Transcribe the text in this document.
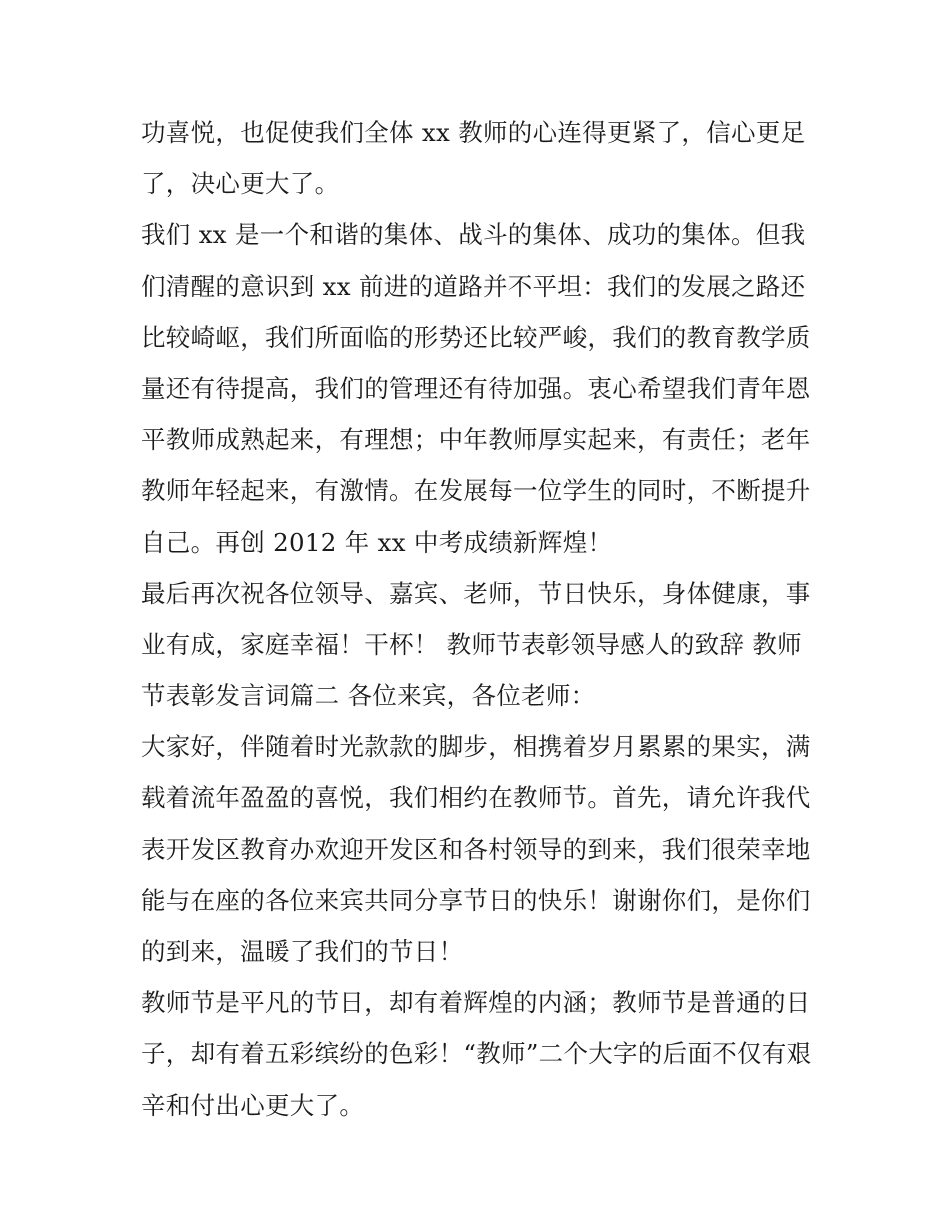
功喜悦，也促使我们全体 xx 教师的心连得更紧了，信心更足
了，决心更大了。
我们 xx 是一个和谐的集体、战斗的集体、成功的集体。但我
们清醒的意识到 xx 前进的道路并不平坦：我们的发展之路还
比较崎岖，我们所面临的形势还比较严峻，我们的教育教学质
量还有待提高，我们的管理还有待加强。衷心希望我们青年恩
平教师成熟起来，有理想；中年教师厚实起来，有责任；老年
教师年轻起来，有激情。在发展每一位学生的同时，不断提升
自己。再创 2012 年 xx 中考成绩新辉煌！
最后再次祝各位领导、嘉宾、老师，节日快乐，身体健康，事
业有成，家庭幸福！干杯！ 教师节表彰领导感人的致辞 教师
节表彰发言词篇二 各位来宾，各位老师：
大家好，伴随着时光款款的脚步，相携着岁月累累的果实，满
载着流年盈盈的喜悦，我们相约在教师节。首先，请允许我代
表开发区教育办欢迎开发区和各村领导的到来，我们很荣幸地
能与在座的各位来宾共同分享节日的快乐！谢谢你们，是你们
的到来，温暖了我们的节日！
教师节是平凡的节日，却有着辉煌的内涵；教师节是普通的日
子，却有着五彩缤纷的色彩！“教师”二个大字的后面不仅有艰
辛和付出心更大了。
